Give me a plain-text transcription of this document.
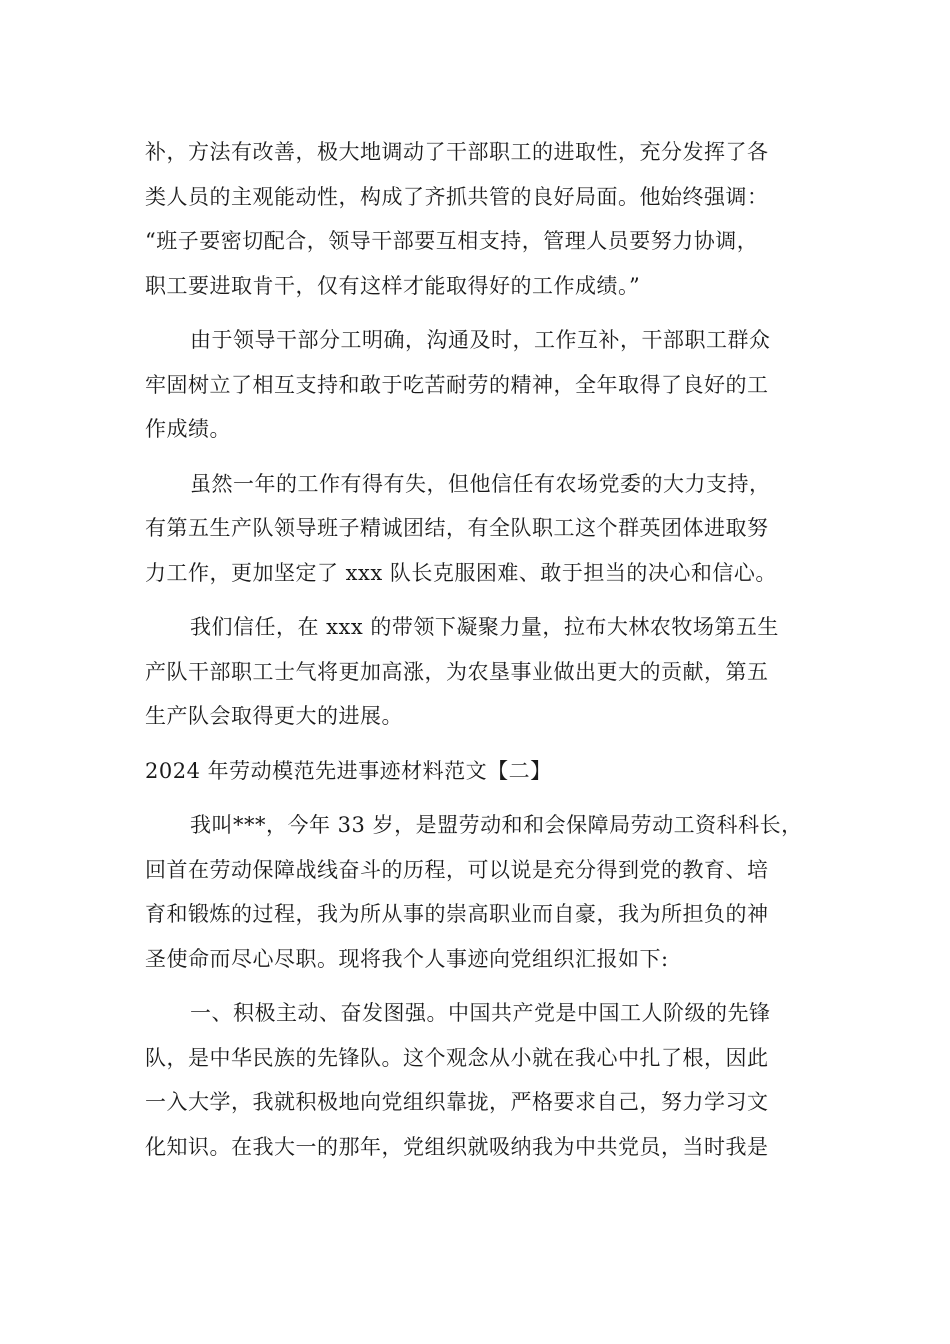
补，方法有改善，极大地调动了干部职工的进取性，充分发挥了各
类人员的主观能动性，构成了齐抓共管的良好局面。他始终强调：
“班子要密切配合，领导干部要互相支持，管理人员要努力协调，
职工要进取肯干，仅有这样才能取得好的工作成绩。”
由于领导干部分工明确，沟通及时，工作互补，干部职工群众
牢固树立了相互支持和敢于吃苦耐劳的精神，全年取得了良好的工
作成绩。
虽然一年的工作有得有失，但他信任有农场党委的大力支持，
有第五生产队领导班子精诚团结，有全队职工这个群英团体进取努
力工作，更加坚定了 xxx 队长克服困难、敢于担当的决心和信心。
我们信任，在 xxx 的带领下凝聚力量，拉布大林农牧场第五生
产队干部职工士气将更加高涨，为农垦事业做出更大的贡献，第五
生产队会取得更大的进展。
2024 年劳动模范先进事迹材料范文【二】
我叫***，今年 33 岁，是盟劳动和和会保障局劳动工资科科长，
回首在劳动保障战线奋斗的历程，可以说是充分得到党的教育、培
育和锻炼的过程，我为所从事的崇高职业而自豪，我为所担负的神
圣使命而尽心尽职。现将我个人事迹向党组织汇报如下:
一、积极主动、奋发图强。中国共产党是中国工人阶级的先锋
队，是中华民族的先锋队。这个观念从小就在我心中扎了根，因此
一入大学，我就积极地向党组织靠拢，严格要求自己，努力学习文
化知识。在我大一的那年，党组织就吸纳我为中共党员，当时我是
